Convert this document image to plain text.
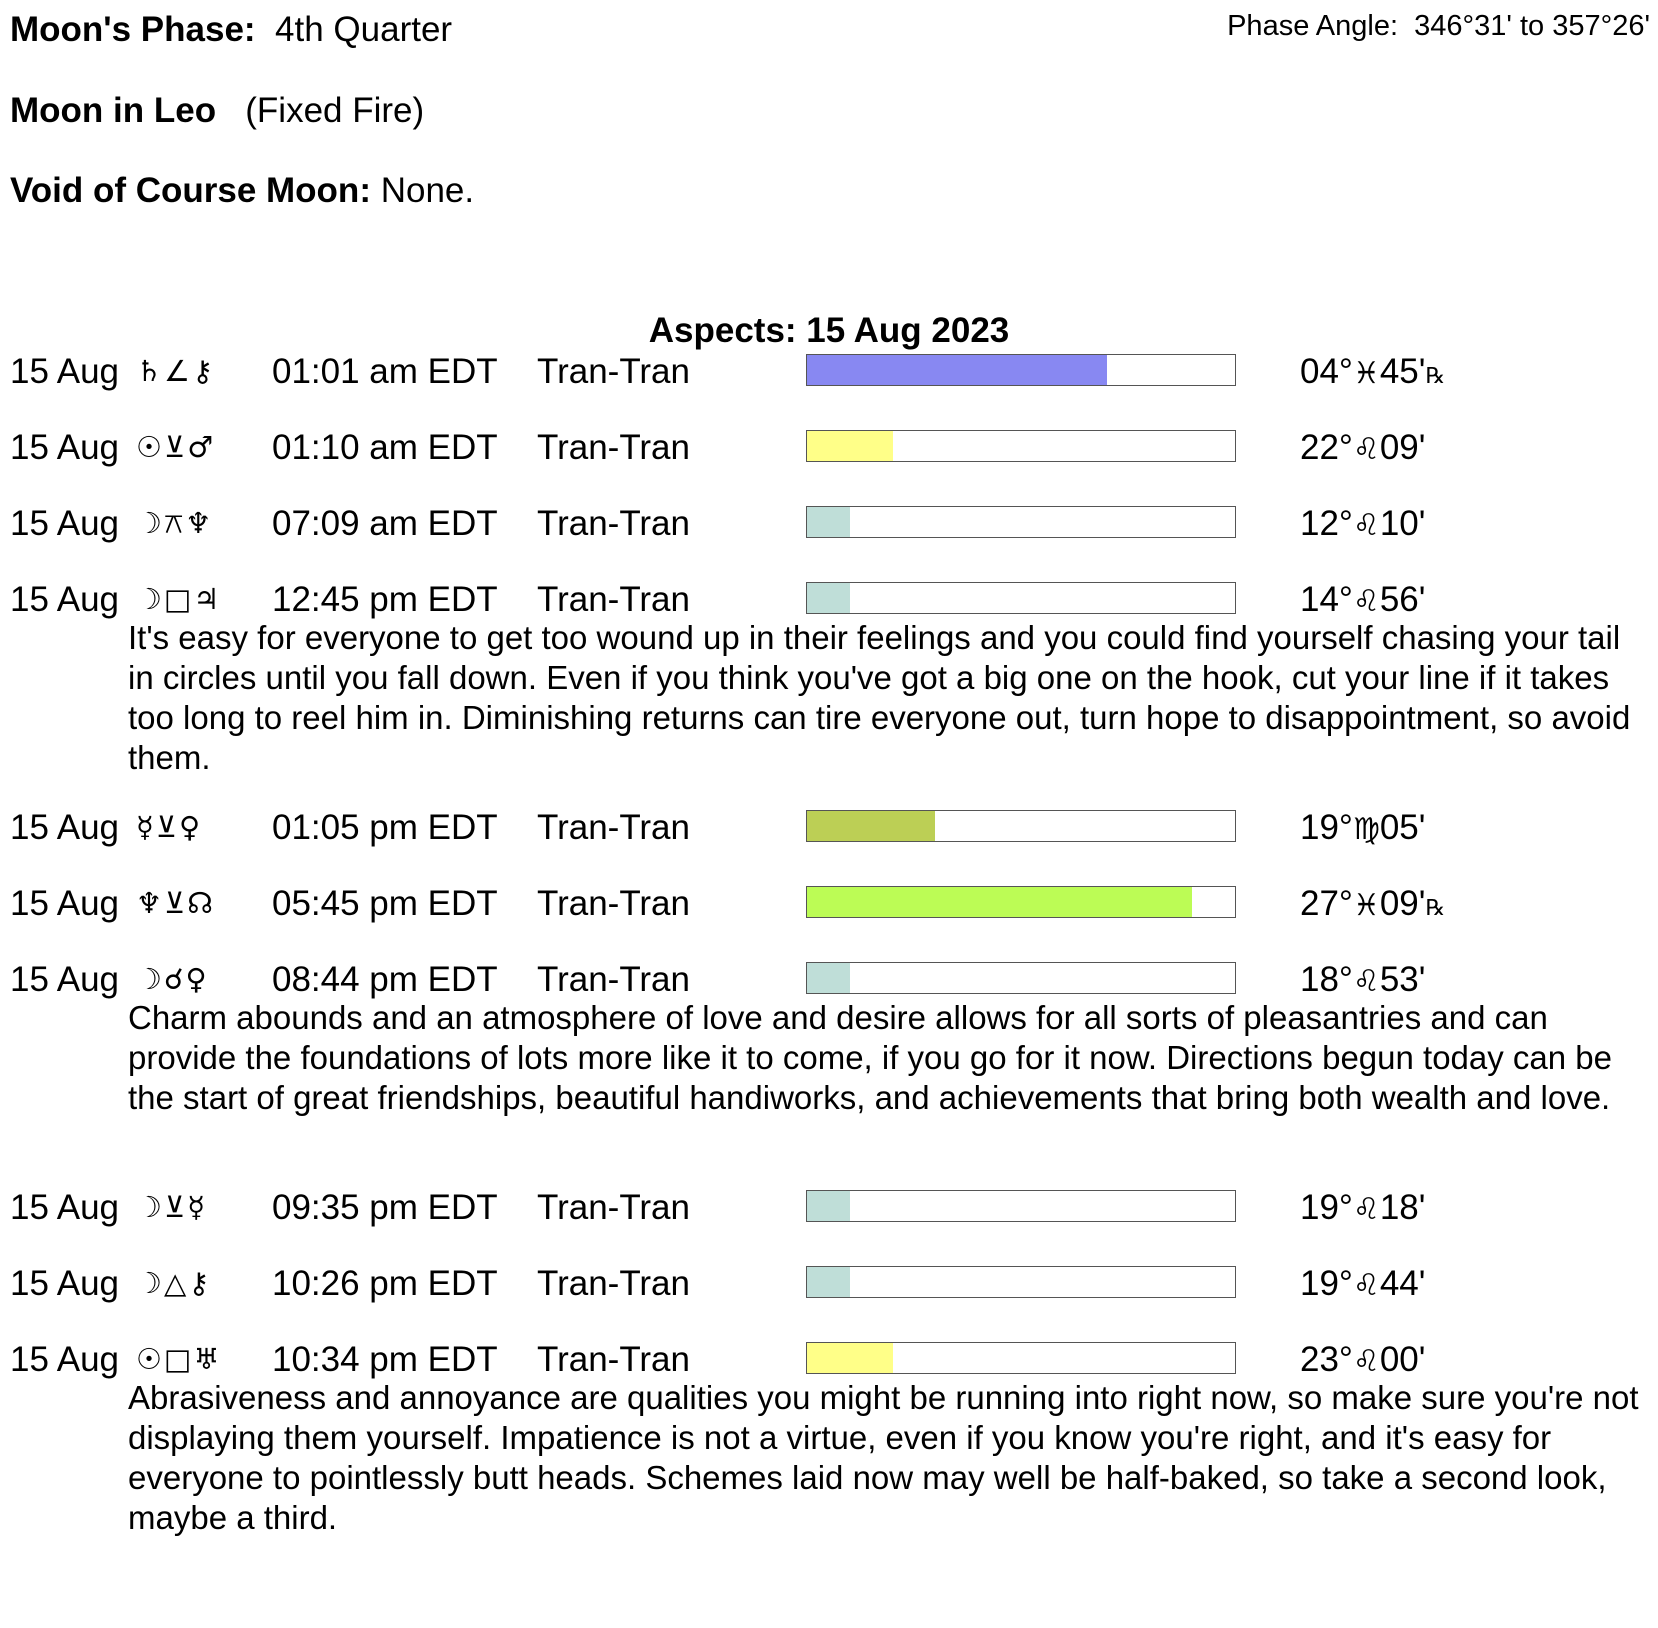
Moon's Phase: 4th Quarter	Phase Angle: 346°31' to 357°26'
Moon in Leo (Fixed Fire)
Void of Course Moon: None.
Aspects: 15 Aug 2023
15 Aug ♄∠⚷	01:01 am EDT Tran-Tran	04°♓45'℞
15 Aug ☉⊻♂	01:10 am EDT Tran-Tran	22°♌09'
15 Aug ☽⚻♆	07:09 am EDT Tran-Tran	12°♌10'
15 Aug ☽□♃	12:45 pm EDT Tran-Tran	14°♌56'
It's easy for everyone to get too wound up in their feelings and you could find yourself chasing your tail in circles until you fall down. Even if you think you've got a big one on the hook, cut your line if it takes too long to reel him in. Diminishing returns can tire everyone out, turn hope to disappointment, so avoid them.
15 Aug ☿⊻♀	01:05 pm EDT Tran-Tran	19°♍05'
15 Aug ♆⊻☊	05:45 pm EDT Tran-Tran	27°♓09'℞
15 Aug ☽☌♀	08:44 pm EDT Tran-Tran	18°♌53'
Charm abounds and an atmosphere of love and desire allows for all sorts of pleasantries and can provide the foundations of lots more like it to come, if you go for it now. Directions begun today can be the start of great friendships, beautiful handiworks, and achievements that bring both wealth and love.
15 Aug ☽⊻☿	09:35 pm EDT Tran-Tran	19°♌18'
15 Aug ☽△⚷	10:26 pm EDT Tran-Tran	19°♌44'
15 Aug ☉□♅	10:34 pm EDT Tran-Tran	23°♌00'
Abrasiveness and annoyance are qualities you might be running into right now, so make sure you're not displaying them yourself. Impatience is not a virtue, even if you know you're right, and it's easy for everyone to pointlessly butt heads. Schemes laid now may well be half-baked, so take a second look, maybe a third.
